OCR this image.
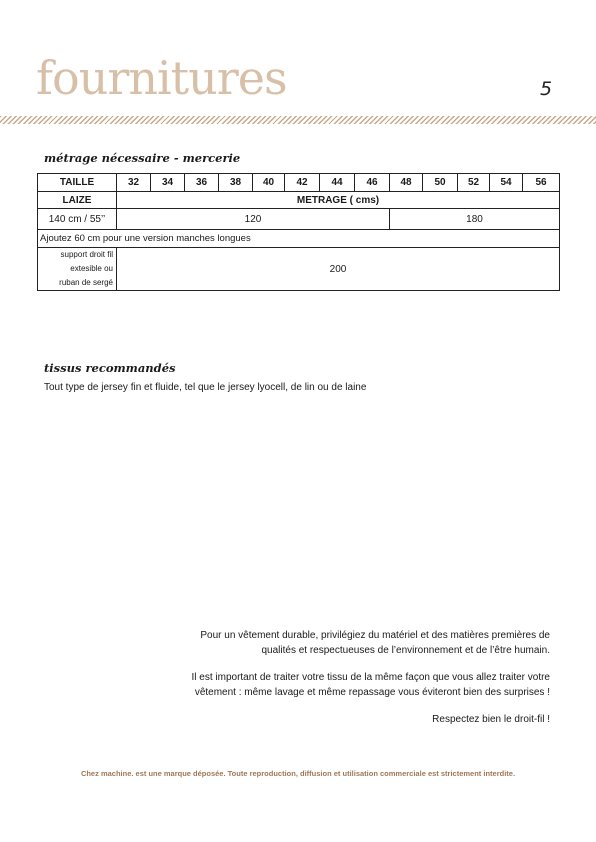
fournitures	5
métrage nécessaire - mercerie
TAILLE	32	34	36	38	40	42	44	46	48	50	52	54	56
LAIZE	METRAGE ( cms)												
140 cm / 55’’	120								180				
Ajoutez 60 cm pour une version manches longues													
support droit fil
extesible ou
ruban de sergé	200												
tissus recommandés

Tout type de jersey fin et fluide, tel que le jersey lyocell, de lin ou de laine

Pour un vêtement durable, privilégiez du matériel et des matières premières de
qualités et respectueuses de l’environnement et de l’être humain.

Il est important de traiter votre tissu de la même façon que vous allez traiter votre
vêtement : même lavage et même repassage vous éviteront bien des surprises !

Respectez bien le droit-fil !

Chez machine. est une marque déposée. Toute reproduction, diffusion et utilisation commerciale est strictement interdite.
